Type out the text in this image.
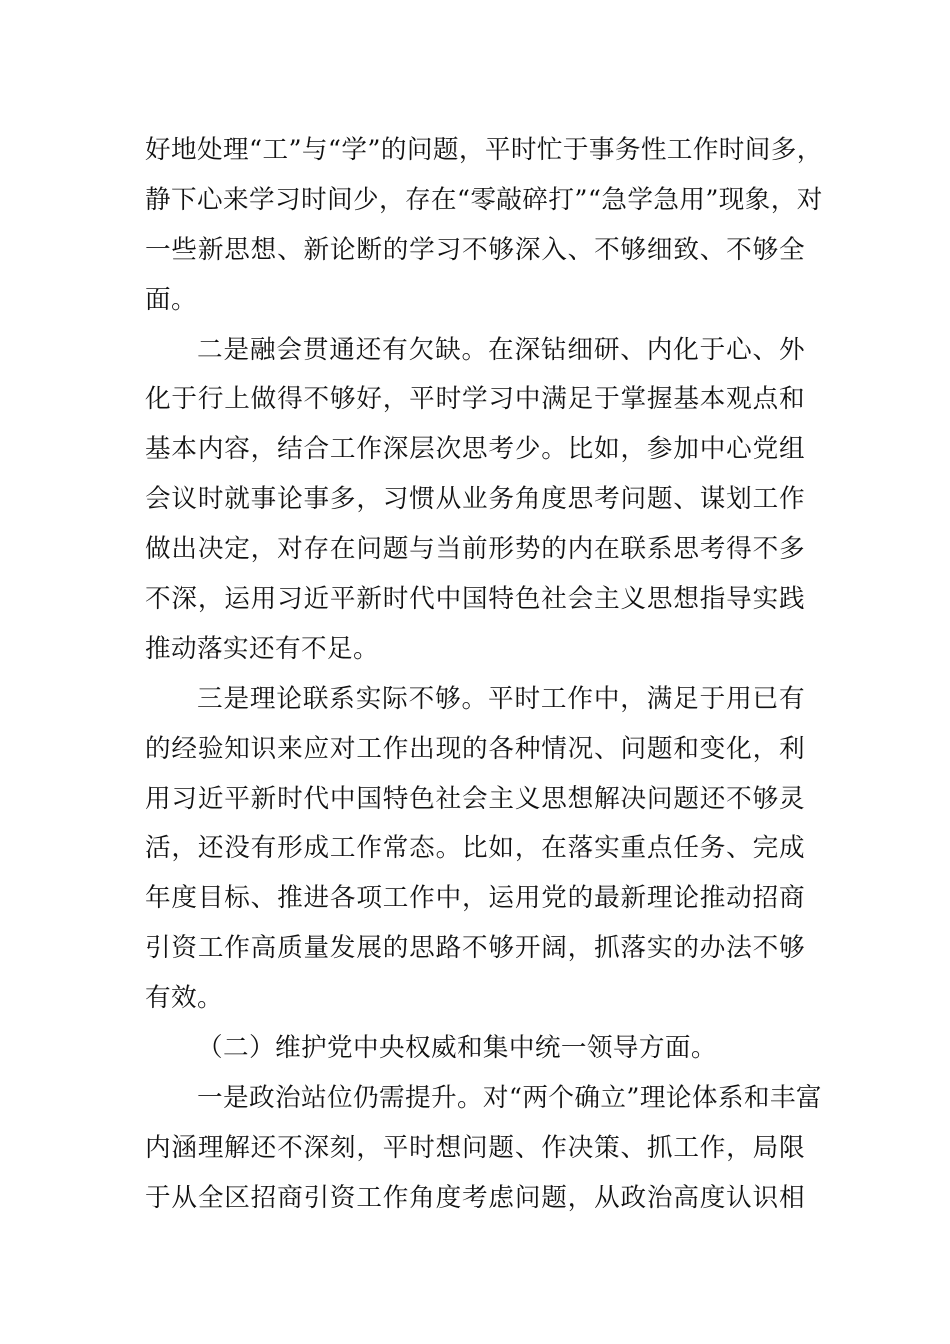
好地处理“工”与“学”的问题，平时忙于事务性工作时间多，
静下心来学习时间少，存在“零敲碎打”“急学急用”现象，对
一些新思想、新论断的学习不够深入、不够细致、不够全
面。
二是融会贯通还有欠缺。在深钻细研、内化于心、外
化于行上做得不够好，平时学习中满足于掌握基本观点和
基本内容，结合工作深层次思考少。比如，参加中心党组
会议时就事论事多，习惯从业务角度思考问题、谋划工作
做出决定，对存在问题与当前形势的内在联系思考得不多
不深，运用习近平新时代中国特色社会主义思想指导实践
推动落实还有不足。
三是理论联系实际不够。平时工作中，满足于用已有
的经验知识来应对工作出现的各种情况、问题和变化，利
用习近平新时代中国特色社会主义思想解决问题还不够灵
活，还没有形成工作常态。比如，在落实重点任务、完成
年度目标、推进各项工作中，运用党的最新理论推动招商
引资工作高质量发展的思路不够开阔，抓落实的办法不够
有效。
（二）维护党中央权威和集中统一领导方面。
一是政治站位仍需提升。对“两个确立”理论体系和丰富
内涵理解还不深刻，平时想问题、作决策、抓工作，局限
于从全区招商引资工作角度考虑问题，从政治高度认识相
